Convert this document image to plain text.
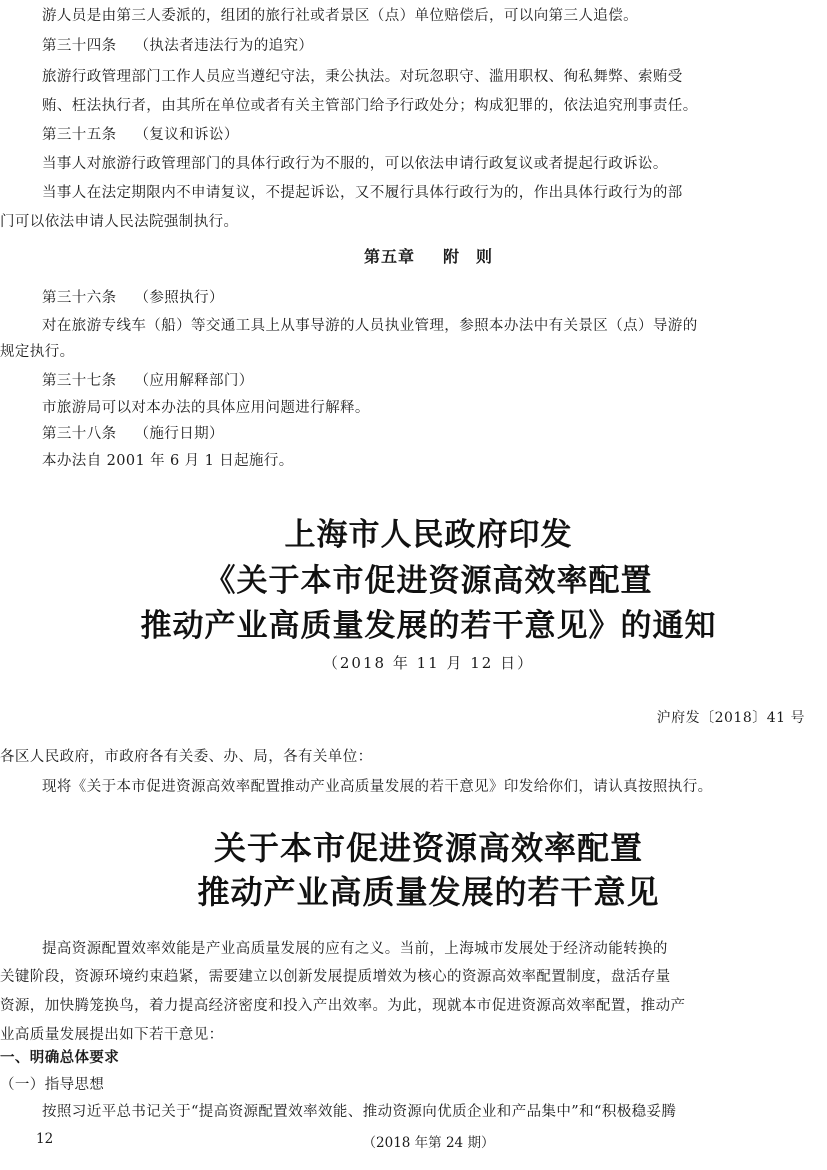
游人员是由第三人委派的，组团的旅行社或者景区（点）单位赔偿后，可以向第三人追偿。
第三十四条 （执法者违法行为的追究）
旅游行政管理部门工作人员应当遵纪守法，秉公执法。对玩忽职守、滥用职权、徇私舞弊、索贿受
贿、枉法执行者，由其所在单位或者有关主管部门给予行政处分；构成犯罪的，依法追究刑事责任。
第三十五条 （复议和诉讼）
当事人对旅游行政管理部门的具体行政行为不服的，可以依法申请行政复议或者提起行政诉讼。
当事人在法定期限内不申请复议，不提起诉讼，又不履行具体行政行为的，作出具体行政行为的部
门可以依法申请人民法院强制执行。
第五章 附 则
第三十六条 （参照执行）
对在旅游专线车（船）等交通工具上从事导游的人员执业管理，参照本办法中有关景区（点）导游的
规定执行。
第三十七条 （应用解释部门）
市旅游局可以对本办法的具体应用问题进行解释。
第三十八条 （施行日期）
本办法自 2001 年 6 月 1 日起施行。
上海市人民政府印发
《关于本市促进资源高效率配置
推动产业高质量发展的若干意见》的通知
（2018 年 11 月 12 日）
沪府发〔2018〕41 号
各区人民政府，市政府各有关委、办、局，各有关单位：
现将《关于本市促进资源高效率配置推动产业高质量发展的若干意见》印发给你们，请认真按照执行。
关于本市促进资源高效率配置
推动产业高质量发展的若干意见
提高资源配置效率效能是产业高质量发展的应有之义。当前，上海城市发展处于经济动能转换的
关键阶段，资源环境约束趋紧，需要建立以创新发展提质增效为核心的资源高效率配置制度，盘活存量
资源，加快腾笼换鸟，着力提高经济密度和投入产出效率。为此，现就本市促进资源高效率配置，推动产
业高质量发展提出如下若干意见：
一、明确总体要求
（一）指导思想
按照习近平总书记关于“提高资源配置效率效能、推动资源向优质企业和产品集中”和“积极稳妥腾
12	（2018 年第 24 期）
